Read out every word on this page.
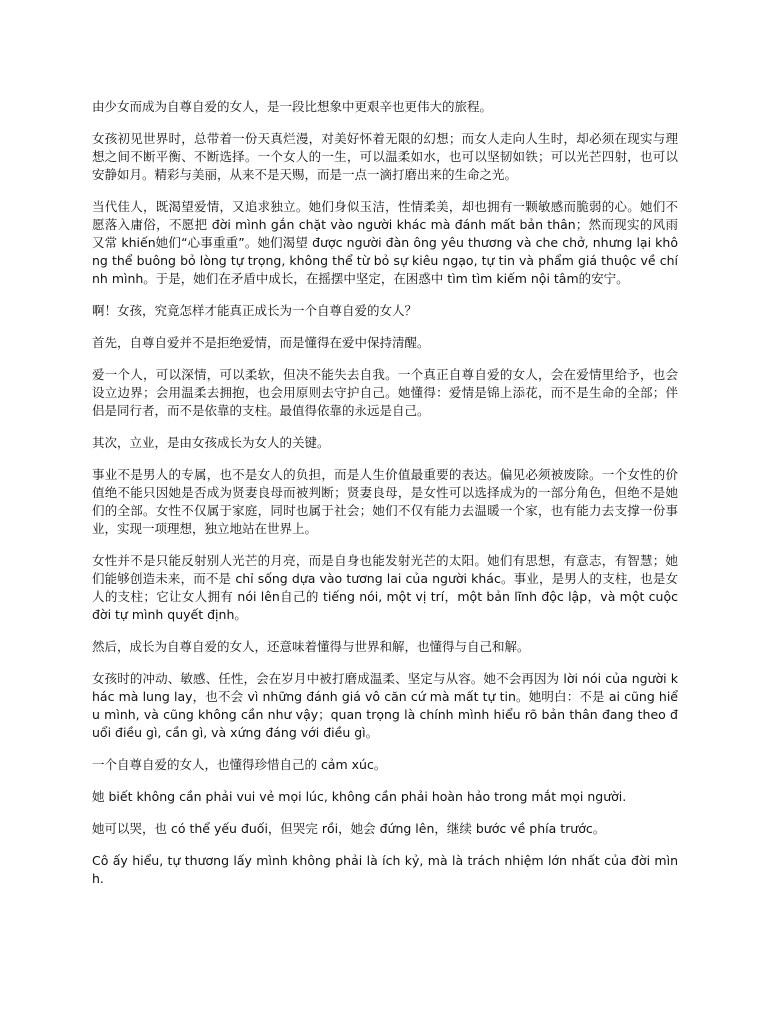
由少女而成为自尊自爱的女人，是一段比想象中更艰辛也更伟大的旅程。

女孩初见世界时，总带着一份天真烂漫，对美好怀着无限的幻想；而女人走向人生时，却必须在现实与理想之间不断平衡、不断选择。一个女人的一生，可以温柔如水，也可以坚韧如铁；可以光芒四射，也可以安静如月。精彩与美丽，从来不是天赐，而是一点一滴打磨出来的生命之光。

当代佳人，既渴望爱情，又追求独立。她们身似玉洁，性情柔美，却也拥有一颗敏感而脆弱的心。她们不愿落入庸俗，不愿把 đời mình gắn chặt vào người khác mà đánh mất bản thân；然而现实的风雨又常 khiến她们“心事重重”。她们渴望 được người đàn ông yêu thương và che chở, nhưng lại không thể buông bỏ lòng tự trọng, không thể từ bỏ sự kiêu ngạo, tự tin và phẩm giá thuộc về chính mình。于是，她们在矛盾中成长，在摇摆中坚定，在困惑中 tìm tìm kiếm nội tâm的安宁。

啊！女孩，究竟怎样才能真正成长为一个自尊自爱的女人？

首先，自尊自爱并不是拒绝爱情，而是懂得在爱中保持清醒。

爱一个人，可以深情，可以柔软，但决不能失去自我。一个真正自尊自爱的女人，会在爱情里给予，也会设立边界；会用温柔去拥抱，也会用原则去守护自己。她懂得：爱情是锦上添花，而不是生命的全部；伴侣是同行者，而不是依靠的支柱。最值得依靠的永远是自己。

其次，立业，是由女孩成长为女人的关键。

事业不是男人的专属，也不是女人的负担，而是人生价值最重要的表达。偏见必须被废除。一个女性的价值绝不能只因她是否成为贤妻良母而被判断；贤妻良母，是女性可以选择成为的一部分角色，但绝不是她们的全部。女性不仅属于家庭，同时也属于社会；她们不仅有能力去温暖一个家，也有能力去支撑一份事业，实现一项理想，独立地站在世界上。

女性并不是只能反射别人光芒的月亮，而是自身也能发射光芒的太阳。她们有思想，有意志，有智慧；她们能够创造未来，而不是 chỉ sống dựa vào tương lai của người khác。事业，是男人的支柱，也是女人的支柱；它让女人拥有 nói lên自己的 tiếng nói, một vị trí，một bản lĩnh độc lập，và một cuộc đời tự mình quyết định。

然后，成长为自尊自爱的女人，还意味着懂得与世界和解，也懂得与自己和解。

女孩时的冲动、敏感、任性，会在岁月中被打磨成温柔、坚定与从容。她不会再因为 lời nói của người khác mà lung lay，也不会 vì những đánh giá vô căn cứ mà mất tự tin。她明白：不是 ai cũng hiểu mình, và cũng không cần như vậy；quan trọng là chính mình hiểu rõ bản thân đang theo đuổi điều gì, cần gì, và xứng đáng với điều gì。

一个自尊自爱的女人，也懂得珍惜自己的 cảm xúc。

她 biết không cần phải vui vẻ mọi lúc, không cần phải hoàn hảo trong mắt mọi người.

她可以哭，也 có thể yếu đuối，但哭完 rồi，她会 đứng lên，继续 bước về phía trước。

Cô ấy hiểu, tự thương lấy mình không phải là ích kỷ, mà là trách nhiệm lớn nhất của đời mình.
